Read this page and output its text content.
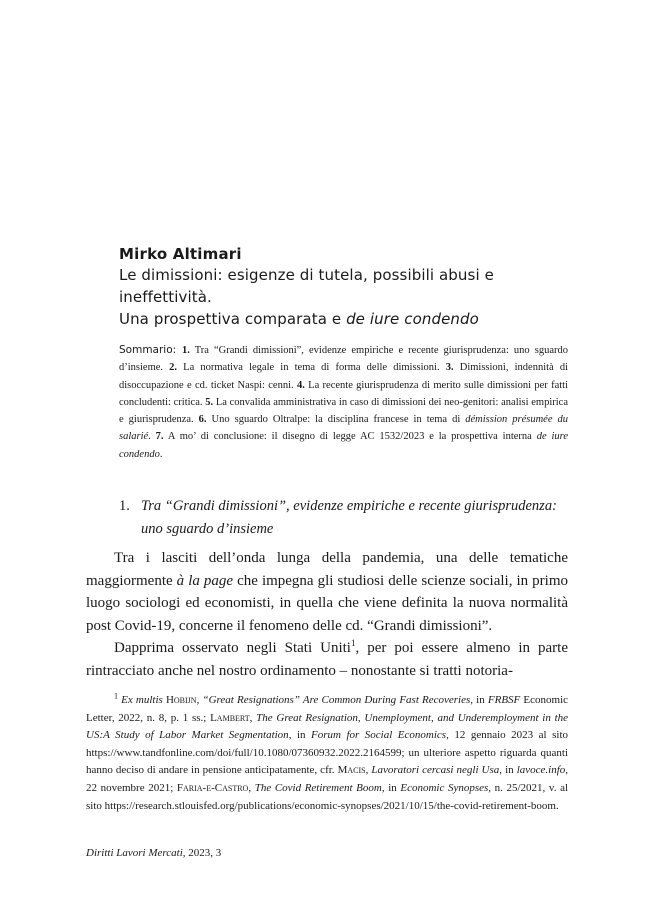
Mirko Altimari
Le dimissioni: esigenze di tutela, possibili abusi e ineffettività.
Una prospettiva comparata e de iure condendo
Sommario: 1. Tra “Grandi dimissioni”, evidenze empiriche e recente giurisprudenza: uno sguardo d’insieme. 2. La normativa legale in tema di forma delle dimissioni. 3. Dimissioni, indennità di disoccupazione e cd. ticket Naspi: cenni. 4. La recente giurisprudenza di merito sulle dimissioni per fatti concludenti: critica. 5. La convalida amministrativa in caso di dimissioni dei neo-genitori: analisi empirica e giurisprudenza. 6. Uno sguardo Oltralpe: la disciplina francese in tema di démission présumée du salarié. 7. A mo’ di conclusione: il disegno di legge AC 1532/2023 e la prospettiva interna de iure condendo.
1. Tra “Grandi dimissioni”, evidenze empiriche e recente giurisprudenza: uno sguardo d’insieme

Tra i lasciti dell’onda lunga della pandemia, una delle tematiche maggiormente à la page che impegna gli studiosi delle scienze sociali, in primo luogo sociologi ed economisti, in quella che viene definita la nuova normalità post Covid-19, concerne il fenomeno delle cd. “Grandi dimissioni”.

Dapprima osservato negli Stati Uniti$^1$, per poi essere almeno in parte rintracciato anche nel nostro ordinamento – nonostante si tratti notoria-

$^1$ Ex multis Hobijn, “Great Resignations” Are Common During Fast Recoveries, in FRBSF Economic Letter, 2022, n. 8, p. 1 ss.; Lambert, The Great Resignation, Unemployment, and Underemployment in the US:A Study of Labor Market Segmentation, in Forum for Social Economics, 12 gennaio 2023 al sito https://www.tandfonline.com/doi/full/10.1080/07360932.2022.2164599; un ulteriore aspetto riguarda quanti hanno deciso di andare in pensione anticipatamente, cfr. Macis, Lavoratori cercasi negli Usa, in lavoce.info, 22 novembre 2021; Faria-e-Castro, The Covid Retirement Boom, in Economic Synopses, n. 25/2021, v. al sito https://research.stlouisfed.org/publications/economic-synopses/2021/10/15/the-covid-retirement-boom.

Diritti Lavori Mercati, 2023, 3
